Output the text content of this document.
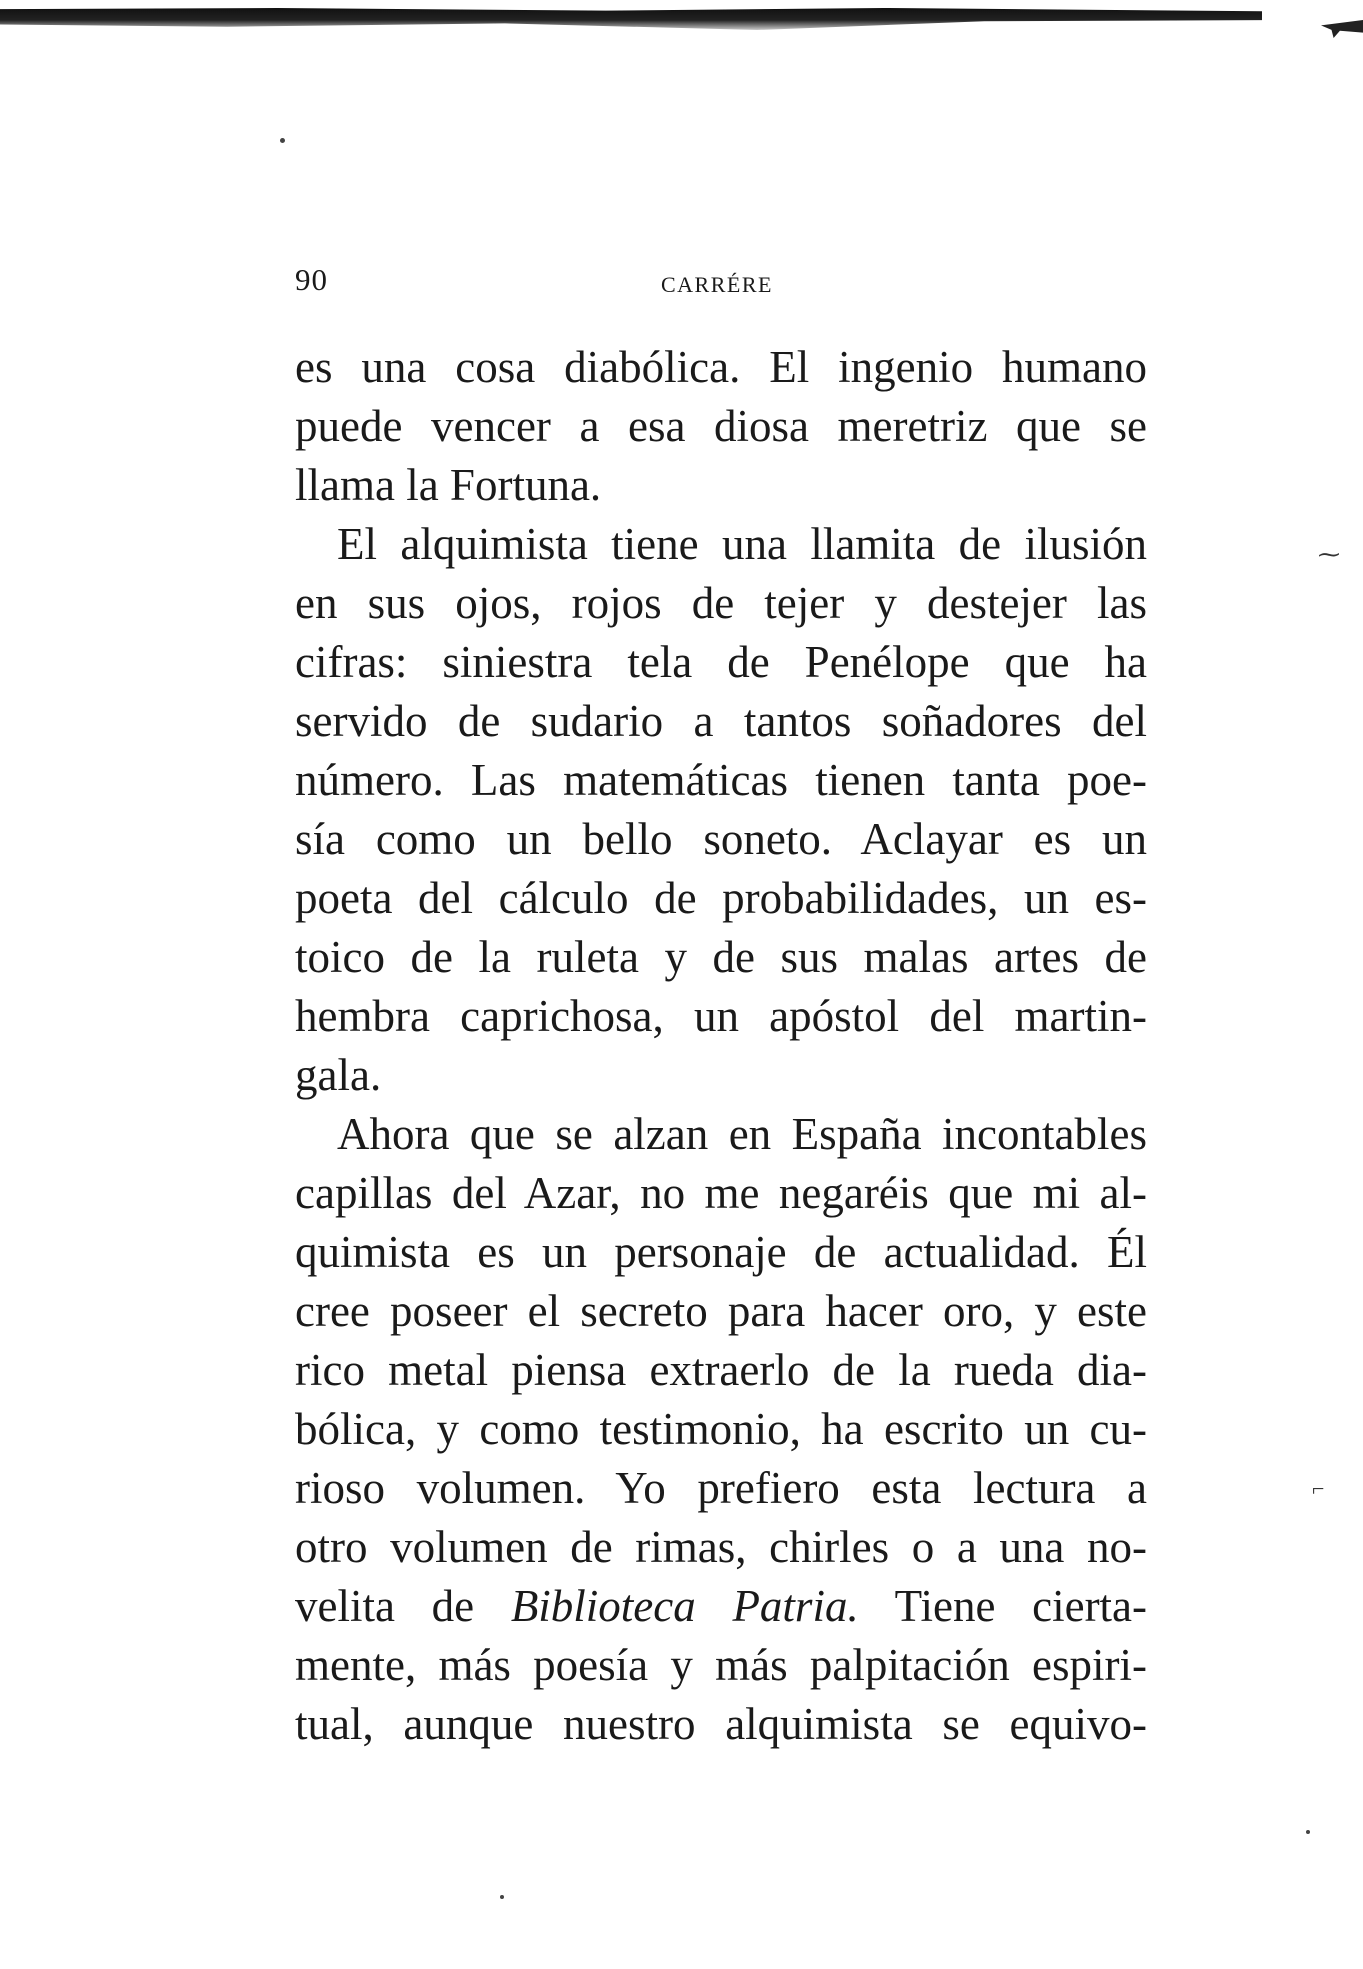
⁓
⌐
90	CARRÉRE
es una cosa diabólica. El ingenio humano
puede vencer a esa diosa meretriz que se
llama la Fortuna.
El alquimista tiene una llamita de ilusión
en sus ojos, rojos de tejer y destejer las
cifras: siniestra tela de Penélope que ha
servido de sudario a tantos soñadores del
número. Las matemáticas tienen tanta poe-
sía como un bello soneto. Aclayar es un
poeta del cálculo de probabilidades, un es-
toico de la ruleta y de sus malas artes de
hembra caprichosa, un apóstol del martin-
gala.
Ahora que se alzan en España incontables
capillas del Azar, no me negaréis que mi al-
quimista es un personaje de actualidad. Él
cree poseer el secreto para hacer oro, y este
rico metal piensa extraerlo de la rueda dia-
bólica, y como testimonio, ha escrito un cu-
rioso volumen. Yo prefiero esta lectura a
otro volumen de rimas, chirles o a una no-
velita de Biblioteca Patria. Tiene cierta-
mente, más poesía y más palpitación espiri-
tual, aunque nuestro alquimista se equivo-
